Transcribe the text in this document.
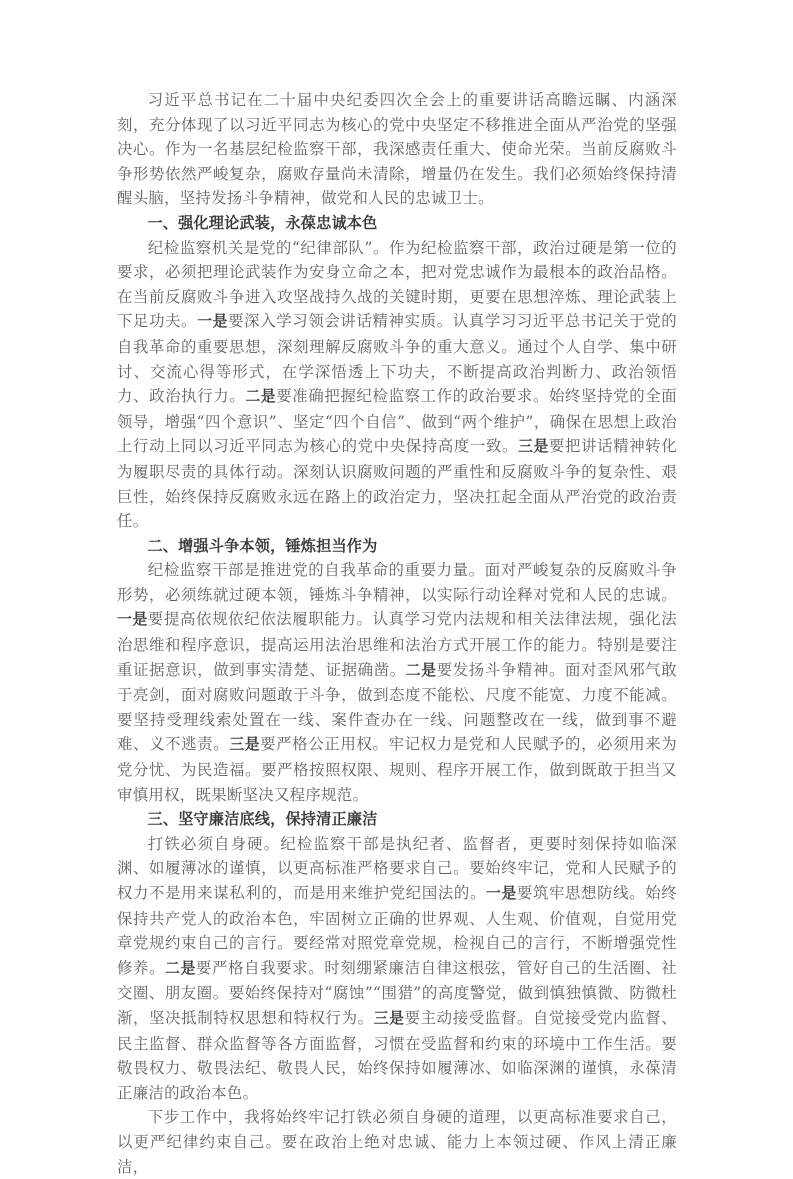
习近平总书记在二十届中央纪委四次全会上的重要讲话高瞻远瞩、内涵深刻，充分体现了以习近平同志为核心的党中央坚定不移推进全面从严治党的坚强决心。作为一名基层纪检监察干部，我深感责任重大、使命光荣。当前反腐败斗争形势依然严峻复杂，腐败存量尚未清除，增量仍在发生。我们必须始终保持清醒头脑，坚持发扬斗争精神，做党和人民的忠诚卫士。

一、强化理论武装，永葆忠诚本色

纪检监察机关是党的“纪律部队”。作为纪检监察干部，政治过硬是第一位的要求，必须把理论武装作为安身立命之本，把对党忠诚作为最根本的政治品格。在当前反腐败斗争进入攻坚战持久战的关键时期，更要在思想淬炼、理论武装上下足功夫。一是要深入学习领会讲话精神实质。认真学习习近平总书记关于党的自我革命的重要思想，深刻理解反腐败斗争的重大意义。通过个人自学、集中研讨、交流心得等形式，在学深悟透上下功夫，不断提高政治判断力、政治领悟力、政治执行力。二是要准确把握纪检监察工作的政治要求。始终坚持党的全面领导，增强“四个意识”、坚定“四个自信”、做到“两个维护”，确保在思想上政治上行动上同以习近平同志为核心的党中央保持高度一致。三是要把讲话精神转化为履职尽责的具体行动。深刻认识腐败问题的严重性和反腐败斗争的复杂性、艰巨性，始终保持反腐败永远在路上的政治定力，坚决扛起全面从严治党的政治责任。

二、增强斗争本领，锤炼担当作为

纪检监察干部是推进党的自我革命的重要力量。面对严峻复杂的反腐败斗争形势，必须练就过硬本领，锤炼斗争精神，以实际行动诠释对党和人民的忠诚。一是要提高依规依纪依法履职能力。认真学习党内法规和相关法律法规，强化法治思维和程序意识，提高运用法治思维和法治方式开展工作的能力。特别是要注重证据意识，做到事实清楚、证据确凿。二是要发扬斗争精神。面对歪风邪气敢于亮剑，面对腐败问题敢于斗争，做到态度不能松、尺度不能宽、力度不能减。要坚持受理线索处置在一线、案件查办在一线、问题整改在一线，做到事不避难、义不逃责。三是要严格公正用权。牢记权力是党和人民赋予的，必须用来为党分忧、为民造福。要严格按照权限、规则、程序开展工作，做到既敢于担当又审慎用权，既果断坚决又程序规范。

三、坚守廉洁底线，保持清正廉洁

打铁必须自身硬。纪检监察干部是执纪者、监督者，更要时刻保持如临深渊、如履薄冰的谨慎，以更高标准严格要求自己。要始终牢记，党和人民赋予的权力不是用来谋私利的，而是用来维护党纪国法的。一是要筑牢思想防线。始终保持共产党人的政治本色，牢固树立正确的世界观、人生观、价值观，自觉用党章党规约束自己的言行。要经常对照党章党规，检视自己的言行，不断增强党性修养。二是要严格自我要求。时刻绷紧廉洁自律这根弦，管好自己的生活圈、社交圈、朋友圈。要始终保持对“腐蚀”“围猎”的高度警觉，做到慎独慎微、防微杜渐，坚决抵制特权思想和特权行为。三是要主动接受监督。自觉接受党内监督、民主监督、群众监督等各方面监督，习惯在受监督和约束的环境中工作生活。要敬畏权力、敬畏法纪、敬畏人民，始终保持如履薄冰、如临深渊的谨慎，永葆清正廉洁的政治本色。

下步工作中，我将始终牢记打铁必须自身硬的道理，以更高标准要求自己，以更严纪律约束自己。要在政治上绝对忠诚、能力上本领过硬、作风上清正廉洁，
